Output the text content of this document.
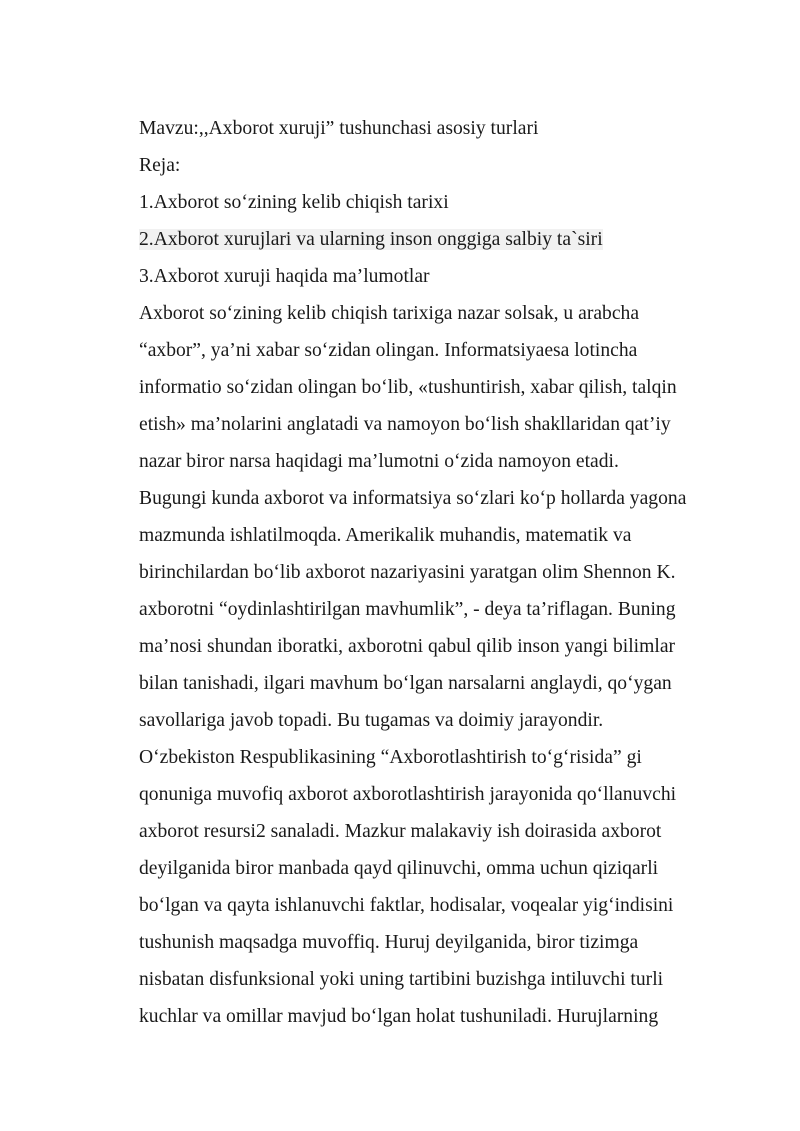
Mavzu:,,Axborot xuruji” tushunchasi asosiy turlari
Reja:
1.Axborot so‘zining kelib chiqish tarixi
2.Axborot xurujlari va ularning inson onggiga salbiy ta`siri
3.Axborot xuruji haqida ma’lumotlar
Axborot so‘zining kelib chiqish tarixiga nazar solsak, u arabcha
“axbor”, ya’ni xabar so‘zidan olingan. Informatsiyaesa lotincha
informatio so‘zidan olingan bo‘lib, «tushuntirish, xabar qilish, talqin
etish» ma’nolarini anglatadi va namoyon bo‘lish shakllaridan qat’iy
nazar biror narsa haqidagi ma’lumotni o‘zida namoyon etadi.
Bugungi kunda axborot va informatsiya so‘zlari ko‘p hollarda yagona
mazmunda ishlatilmoqda. Amerikalik muhandis, matematik va
birinchilardan bo‘lib axborot nazariyasini yaratgan olim Shennon K.
axborotni “oydinlashtirilgan mavhumlik”, - deya ta’riflagan. Buning
ma’nosi shundan iboratki, axborotni qabul qilib inson yangi bilimlar
bilan tanishadi, ilgari mavhum bo‘lgan narsalarni anglaydi, qo‘ygan
savollariga javob topadi. Bu tugamas va doimiy jarayondir.
O‘zbekiston Respublikasining “Axborotlashtirish to‘g‘risida” gi
qonuniga muvofiq axborot axborotlashtirish jarayonida qo‘llanuvchi
axborot resursi2 sanaladi. Mazkur malakaviy ish doirasida axborot
deyilganida biror manbada qayd qilinuvchi, omma uchun qiziqarli
bo‘lgan va qayta ishlanuvchi faktlar, hodisalar, voqealar yig‘indisini
tushunish maqsadga muvoffiq. Huruj deyilganida, biror tizimga
nisbatan disfunksional yoki uning tartibini buzishga intiluvchi turli
kuchlar va omillar mavjud bo‘lgan holat tushuniladi. Hurujlarning
